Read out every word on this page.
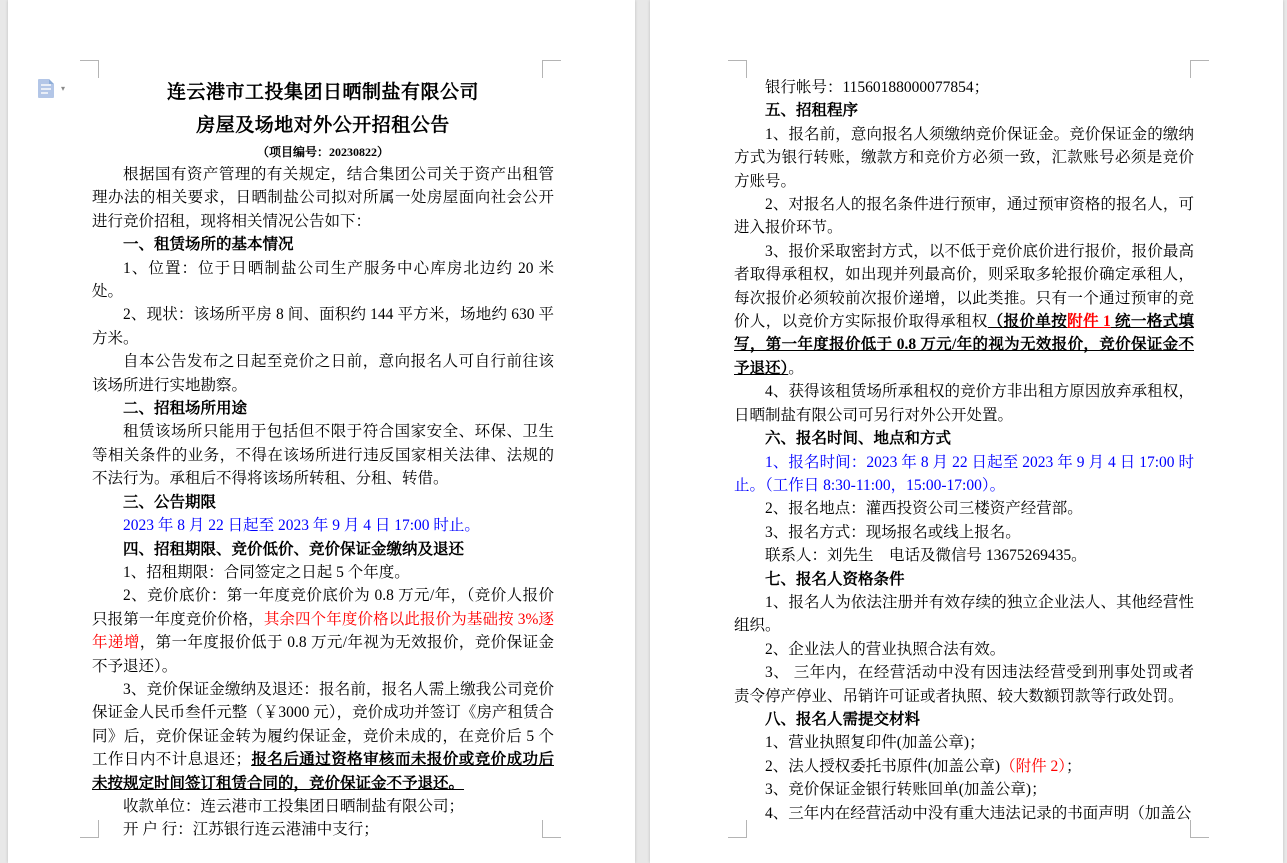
连云港市工投集团日晒制盐有限公司

房屋及场地对外公开招租公告

（项目编号：20230822）

根据国有资产管理的有关规定，结合集团公司关于资产出租管理办法的相关要求，日晒制盐公司拟对所属一处房屋面向社会公开进行竞价招租，现将相关情况公告如下：

一、租赁场所的基本情况

1、位置：位于日晒制盐公司生产服务中心库房北边约 20 米处。

2、现状：该场所平房 8 间、面积约 144 平方米，场地约 630 平方米。

自本公告发布之日起至竞价之日前，意向报名人可自行前往该该场所进行实地勘察。

二、招租场所用途

租赁该场所只能用于包括但不限于符合国家安全、环保、卫生等相关条件的业务，不得在该场所进行违反国家相关法律、法规的不法行为。承租后不得将该场所转租、分租、转借。

三、公告期限

2023 年 8 月 22 日起至 2023 年 9 月 4 日 17:00 时止。

四、招租期限、竞价低价、竞价保证金缴纳及退还

1、招租期限：合同签定之日起 5 个年度。

2、竞价底价：第一年度竞价底价为 0.8 万元/年，（竞价人报价只报第一年度竞价价格，其余四个年度价格以此报价为基础按 3%逐年递增，第一年度报价低于 0.8 万元/年视为无效报价，竞价保证金不予退还）。

3、竞价保证金缴纳及退还：报名前，报名人需上缴我公司竞价保证金人民币叁仟元整（￥3000 元），竞价成功并签订《房产租赁合同》后，竞价保证金转为履约保证金，竞价未成的，在竞价后 5 个工作日内不计息退还；报名后通过资格审核而未报价或竞价成功后未按规定时间签订租赁合同的，竞价保证金不予退还。

收款单位：连云港市工投集团日晒制盐有限公司；

开 户 行：江苏银行连云港浦中支行；

银行帐号：11560188000077854；

五、招租程序

1、报名前，意向报名人须缴纳竞价保证金。竞价保证金的缴纳方式为银行转账，缴款方和竞价方必须一致，汇款账号必须是竞价方账号。

2、对报名人的报名条件进行预审，通过预审资格的报名人，可进入报价环节。

3、报价采取密封方式，以不低于竞价底价进行报价，报价最高者取得承租权，如出现并列最高价，则采取多轮报价确定承租人，每次报价必须较前次报价递增，以此类推。只有一个通过预审的竞价人，以竞价方实际报价取得承租权（报价单按附件 1 统一格式填写，第一年度报价低于 0.8 万元/年的视为无效报价，竞价保证金不予退还）。

4、获得该租赁场所承租权的竞价方非出租方原因放弃承租权，日晒制盐有限公司可另行对外公开处置。

六、报名时间、地点和方式

1、报名时间：2023 年 8 月 22 日起至 2023 年 9 月 4 日 17:00 时止。（工作日 8:30-11:00，15:00-17:00）。

2、报名地点：灌西投资公司三楼资产经营部。

3、报名方式：现场报名或线上报名。

联系人：刘先生　电话及微信号 13675269435。

七、报名人资格条件

1、报名人为依法注册并有效存续的独立企业法人、其他经营性组织。

2、企业法人的营业执照合法有效。

3、 三年内，在经营活动中没有因违法经营受到刑事处罚或者责令停产停业、吊销许可证或者执照、较大数额罚款等行政处罚。

八、报名人需提交材料

1、营业执照复印件(加盖公章)；

2、法人授权委托书原件(加盖公章)（附件 2）；

3、竞价保证金银行转账回单(加盖公章)；

4、三年内在经营活动中没有重大违法记录的书面声明（加盖公

▾
